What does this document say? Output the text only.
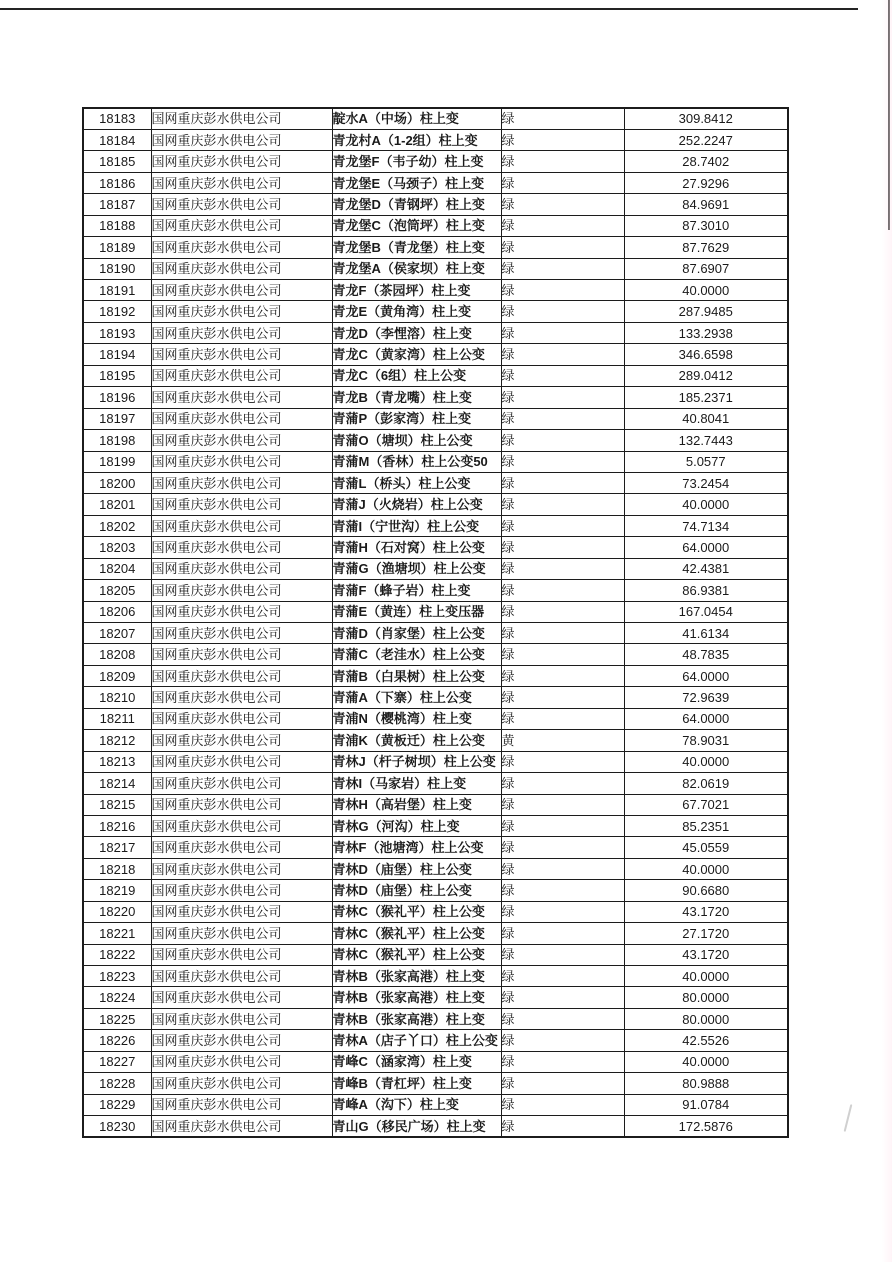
18183	国网重庆彭水供电公司	靛水A（中场）柱上变	绿	309.8412
18184	国网重庆彭水供电公司	青龙村A（1-2组）柱上变	绿	252.2247
18185	国网重庆彭水供电公司	青龙堡F（韦子幼）柱上变	绿	28.7402
18186	国网重庆彭水供电公司	青龙堡E（马颈子）柱上变	绿	27.9296
18187	国网重庆彭水供电公司	青龙堡D（青钢坪）柱上变	绿	84.9691
18188	国网重庆彭水供电公司	青龙堡C（泡筒坪）柱上变	绿	87.3010
18189	国网重庆彭水供电公司	青龙堡B（青龙堡）柱上变	绿	87.7629
18190	国网重庆彭水供电公司	青龙堡A（侯家坝）柱上变	绿	87.6907
18191	国网重庆彭水供电公司	青龙F（茶园坪）柱上变	绿	40.0000
18192	国网重庆彭水供电公司	青龙E（黄角湾）柱上变	绿	287.9485
18193	国网重庆彭水供电公司	青龙D（李悝溶）柱上变	绿	133.2938
18194	国网重庆彭水供电公司	青龙C（黄家湾）柱上公变	绿	346.6598
18195	国网重庆彭水供电公司	青龙C（6组）柱上公变	绿	289.0412
18196	国网重庆彭水供电公司	青龙B（青龙嘴）柱上变	绿	185.2371
18197	国网重庆彭水供电公司	青蒲P（彭家湾）柱上变	绿	40.8041
18198	国网重庆彭水供电公司	青蒲O（塘坝）柱上公变	绿	132.7443
18199	国网重庆彭水供电公司	青蒲M（香林）柱上公变50	绿	5.0577
18200	国网重庆彭水供电公司	青蒲L（桥头）柱上公变	绿	73.2454
18201	国网重庆彭水供电公司	青蒲J（火烧岩）柱上公变	绿	40.0000
18202	国网重庆彭水供电公司	青蒲I（宁世沟）柱上公变	绿	74.7134
18203	国网重庆彭水供电公司	青蒲H（石对窝）柱上公变	绿	64.0000
18204	国网重庆彭水供电公司	青蒲G（渔塘坝）柱上公变	绿	42.4381
18205	国网重庆彭水供电公司	青蒲F（蜂子岩）柱上变	绿	86.9381
18206	国网重庆彭水供电公司	青蒲E（黄连）柱上变压器	绿	167.0454
18207	国网重庆彭水供电公司	青蒲D（肖家堡）柱上公变	绿	41.6134
18208	国网重庆彭水供电公司	青蒲C（老洼水）柱上公变	绿	48.7835
18209	国网重庆彭水供电公司	青蒲B（白果树）柱上公变	绿	64.0000
18210	国网重庆彭水供电公司	青蒲A（下寨）柱上公变	绿	72.9639
18211	国网重庆彭水供电公司	青浦N（樱桃湾）柱上变	绿	64.0000
18212	国网重庆彭水供电公司	青浦K（黄板迁）柱上公变	黄	78.9031
18213	国网重庆彭水供电公司	青林J（杆子树坝）柱上公变	绿	40.0000
18214	国网重庆彭水供电公司	青林I（马家岩）柱上变	绿	82.0619
18215	国网重庆彭水供电公司	青林H（高岩堡）柱上变	绿	67.7021
18216	国网重庆彭水供电公司	青林G（河沟）柱上变	绿	85.2351
18217	国网重庆彭水供电公司	青林F（池塘湾）柱上公变	绿	45.0559
18218	国网重庆彭水供电公司	青林D（庙堡）柱上公变	绿	40.0000
18219	国网重庆彭水供电公司	青林D（庙堡）柱上公变	绿	90.6680
18220	国网重庆彭水供电公司	青林C（猴礼平）柱上公变	绿	43.1720
18221	国网重庆彭水供电公司	青林C（猴礼平）柱上公变	绿	27.1720
18222	国网重庆彭水供电公司	青林C（猴礼平）柱上公变	绿	43.1720
18223	国网重庆彭水供电公司	青林B（张家高港）柱上变	绿	40.0000
18224	国网重庆彭水供电公司	青林B（张家高港）柱上变	绿	80.0000
18225	国网重庆彭水供电公司	青林B（张家高港）柱上变	绿	80.0000
18226	国网重庆彭水供电公司	青林A（店子丫口）柱上公变	绿	42.5526
18227	国网重庆彭水供电公司	青峰C（涵家湾）柱上变	绿	40.0000
18228	国网重庆彭水供电公司	青峰B（青杠坪）柱上变	绿	80.9888
18229	国网重庆彭水供电公司	青峰A（沟下）柱上变	绿	91.0784
18230	国网重庆彭水供电公司	青山G（移民广场）柱上变	绿	172.5876
